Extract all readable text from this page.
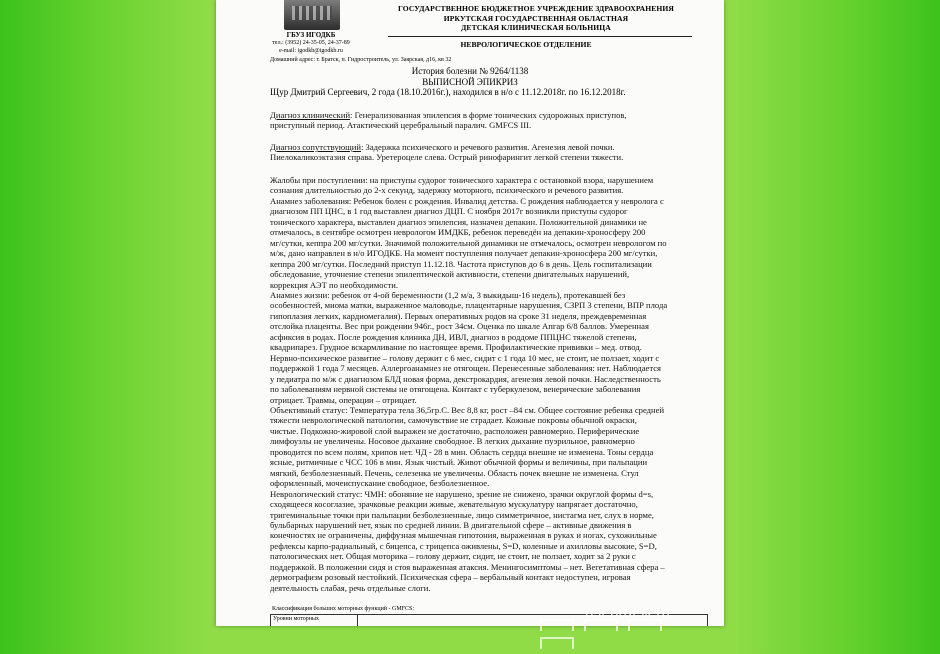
ГБУЗ ИГОДКБ
тел.: (3952) 24-35-05, 24-37-89
e-mail: igodkb@igodkb.ru
Домашний адрес: г. Братск, п. Гидростроитель, ул. Заярская, д16, кв 32
ГОСУДАРСТВЕННОЕ БЮДЖЕТНОЕ УЧРЕЖДЕНИЕ ЗДРАВООХРАНЕНИЯ
ИРКУТСКАЯ ГОСУДАРСТВЕННАЯ ОБЛАСТНАЯ
ДЕТСКАЯ КЛИНИЧЕСКАЯ БОЛЬНИЦА
НЕВРОЛОГИЧЕСКОЕ ОТДЕЛЕНИЕ
История болезни № 9264/1138
ВЫПИСНОЙ ЭПИКРИЗ
Щур Дмитрий Сергеевич, 2 года (18.10.2016г.), находился в н/о с 11.12.2018г. по 16.12.2018г.
Диагноз клинический: Генерализованная эпилепсия в форме тонических судорожных приступов,
приступный период. Атактический церебральный паралич. GMFCS III.
Диагноз сопутствующий: Задержка психического и речевого развития. Агенезия левой почки.
Пиелокаликоэктазия справа. Уретероцеле слева. Острый ринофарингит легкой степени тяжести.
Жалобы при поступлении: на приступы судорог тонического характера с остановкой взора, нарушением
сознания длительностью до 2-х секунд, задержку моторного, психического и речевого развития.
Анамнез заболевания: Ребенок болен с рождения. Инвалид детства. С рождения наблюдается у невролога с
диагнозом ПП ЦНС, в 1 год выставлен диагноз ДЦП. С ноября 2017г возникли приступы судорог
тонического характера, выставлен диагноз эпилепсия, назначен депакин. Положительной динамики не
отмечалось, в сентябре осмотрен неврологом ИМДКБ, ребенок переведён на депакин-хроносферу 200
мг/сутки, кеппра 200 мг/сутки. Значимой положительной динамики не отмечалось, осмотрен неврологом по
м/ж, дано направлен в н/о ИГОДКБ. На момент поступления получает депакин-хроносфера 200 мг/сутки,
кеппра 200 мг/сутки. Последний приступ 11.12.18. Частота приступов до 6 в день. Цель госпитализации
обследование, уточнение степени эпилептической активности, степени двигательных нарушений,
коррекция АЭТ по необходимости.
Анамнез жизни: ребенок от 4-ой беременности (1,2 м/а, 3 выкидыш-16 недель), протекавшей без
особенностей, миома матки, выраженное маловодье, плацентарные нарушения, СЗРП 3 степени, ВПР плода
гипоплазия легких, кардиомегалия). Первых оперативных родов на сроке 31 неделя, преждевременная
отслойка плаценты. Вес при рождении 946г., рост 34см. Оценка по шкале Апгар 6/8 баллов. Умеренная
асфиксия в родах. После рождения клиника ДН, ИВЛ, диагноз в роддоме ППЦНС тяжелой степени,
квадрипарез. Грудное вскармливание по настоящее время. Профилактические прививки – мед. отвод.
Нервно-психическое развитие – голову держит с 6 мес, сидит с 1 года 10 мес, не стоит, не ползает, ходит с
поддержкой 1 года 7 месяцев. Аллергоанамнез не отягощен. Перенесенные заболевания: нет. Наблюдается
у педиатра по м/ж с диагнозом БЛД новая форма, декстрокардия, агенезия левой почки. Наследственность
по заболеваниям нервной системы не отягощена. Контакт с туберкулезом, венерические заболевания
отрицает. Травмы, операции – отрицает.
Объективный статус: Температура тела 36,5гр.С. Вес 8,8 кг, рост –84 см. Общее состояние ребенка средней
тяжести неврологической патологии, самочувствие не страдает. Кожные покровы обычной окраски,
чистые. Подкожно-жировой слой выражен не достаточно, расположен равномерно. Периферические
лимфоузлы не увеличены. Носовое дыхание свободное. В легких дыхание пуэрильное, равномерно
проводится по всем полям, хрипов нет. ЧД - 28 в мин. Область сердца внешне не изменена. Тоны сердца
ясные, ритмичные с ЧСС 106 в мин. Язык чистый. Живот обычной формы и величины, при пальпации
мягкий, безболезненный. Печень, селезенка не увеличены. Область почек внешне не изменена. Стул
оформленный, мочеиспускание свободное, безболезненное.
Неврологический статус: ЧМН: обоняние не нарушено, зрение не снижено, зрачки округлой формы d=s,
сходящееся косоглазие, зрачковые реакции живые, жевательную мускулатуру напрягает достаточно,
тригеминальные точки при пальпации безболезненные, лицо симметричное, нистагма нет, слух в норме,
бульбарных нарушений нет, язык по средней линии. В двигательной сфере – активные движения в
конечностях не ограничены, диффузная мышечная гипотония, выраженная в руках и ногах, сухожильные
рефлексы карпо-радиальный, с бицепса, с трицепса оживлены, S=D, коленные и ахилловы высокие, S=D,
патологических нет. Общая моторика – голову держит, сидит, не стоит, не ползает, ходит за 2 руки с
поддержкой. В положении сидя и стоя выраженная атаксия. Менингосимптомы – нет. Вегетативная сфера –
дермографизм розовый нестойкий. Психическая сфера – вербальный контакт недоступен, игровая
деятельность слабая, речь отдельные слоги.
Классификация больших моторных функций - GMFCS:
Уровни моторных	bst.bratsk.ru
